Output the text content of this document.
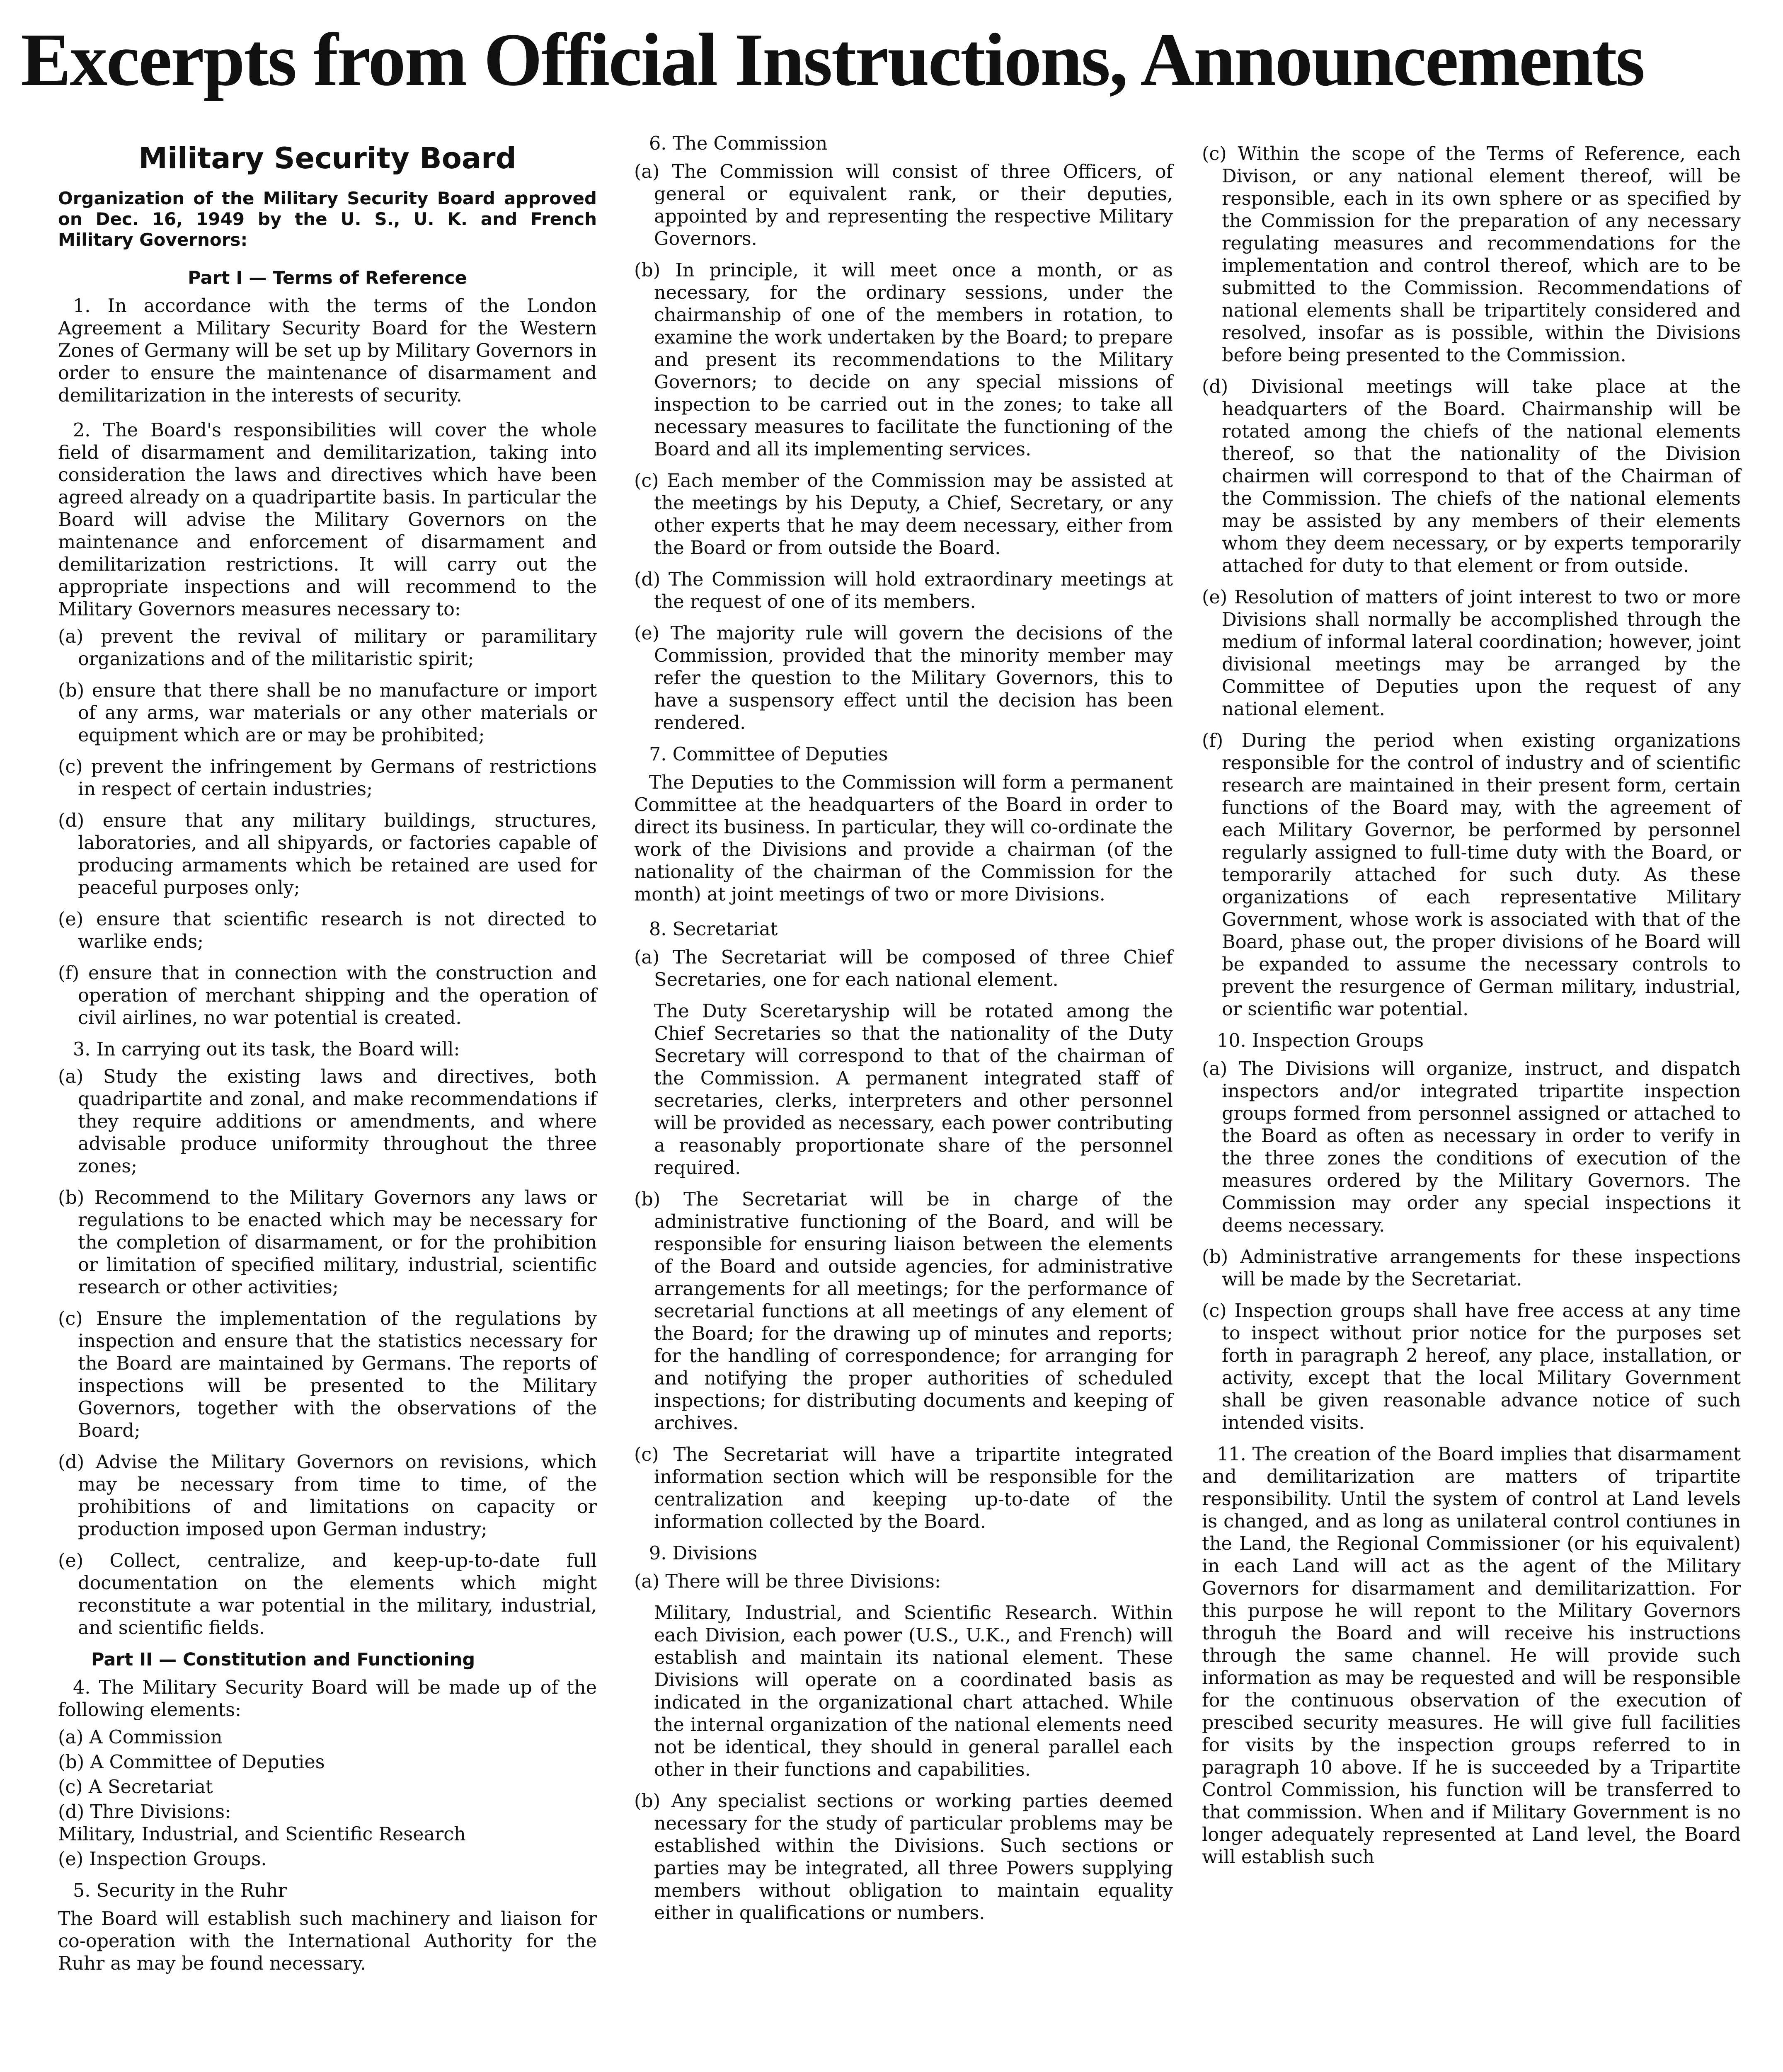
Excerpts from Official Instructions, Announcements
Military Security Board

Organization of the Military Security Board approved on Dec. 16, 1949 by the U. S., U. K. and French Military Governors:

Part I — Terms of Reference

1. In accordance with the terms of the London Agreement a Military Security Board for the Western Zones of Germany will be set up by Military Governors in order to ensure the maintenance of disarmament and demilitarization in the interests of security.

2. The Board's responsibilities will cover the whole field of disarmament and demilitarization, taking into consideration the laws and directives which have been agreed already on a quadripartite basis. In particular the Board will advise the Military Governors on the maintenance and enforcement of disarmament and demilitarization restrictions. It will carry out the appropriate inspections and will recommend to the Military Governors measures necessary to:

(a) prevent the revival of military or paramilitary organizations and of the militaristic spirit;

(b) ensure that there shall be no manufacture or import of any arms, war materials or any other materials or equipment which are or may be prohibited;

(c) prevent the infringement by Germans of restrictions in respect of certain industries;

(d) ensure that any military buildings, structures, laboratories, and all shipyards, or factories capable of producing armaments which be retained are used for peaceful purposes only;

(e) ensure that scientific research is not directed to warlike ends;

(f) ensure that in connection with the construction and operation of merchant shipping and the operation of civil airlines, no war potential is created.

3. In carrying out its task, the Board will:

(a) Study the existing laws and directives, both quadripartite and zonal, and make recommendations if they require additions or amendments, and where advisable produce uniformity throughout the three zones;

(b) Recommend to the Military Governors any laws or regulations to be enacted which may be necessary for the completion of disarmament, or for the prohibition or limitation of specified military, industrial, scientific research or other activities;

(c) Ensure the implementation of the regulations by inspection and ensure that the statistics necessary for the Board are maintained by Germans. The reports of inspections will be presented to the Military Governors, together with the observations of the Board;

(d) Advise the Military Governors on revisions, which may be necessary from time to time, of the prohibitions of and limitations on capacity or production imposed upon German industry;

(e) Collect, centralize, and keep-up-to-date full documentation on the elements which might reconstitute a war potential in the military, industrial, and scientific fields.

Part II — Constitution and Functioning

4. The Military Security Board will be made up of the following elements:

(a) A Commission

(b) A Committee of Deputies

(c) A Secretariat

(d) Thre Divisions:

Military, Industrial, and Scientific Research

(e) Inspection Groups.

5. Security in the Ruhr

The Board will establish such machinery and liaison for co-operation with the International Authority for the Ruhr as may be found necessary.

6. The Commission

(a) The Commission will consist of three Officers, of general or equivalent rank, or their deputies, appointed by and representing the respective Military Governors.

(b) In principle, it will meet once a month, or as necessary, for the ordinary sessions, under the chairmanship of one of the members in rotation, to examine the work undertaken by the Board; to prepare and present its recommendations to the Military Governors; to decide on any special missions of inspection to be carried out in the zones; to take all necessary measures to facilitate the functioning of the Board and all its implementing services.

(c) Each member of the Commission may be assisted at the meetings by his Deputy, a Chief, Secretary, or any other experts that he may deem necessary, either from the Board or from outside the Board.

(d) The Commission will hold extraordinary meetings at the request of one of its members.

(e) The majority rule will govern the decisions of the Commission, provided that the minority member may refer the question to the Military Governors, this to have a suspensory effect until the decision has been rendered.

7. Committee of Deputies

The Deputies to the Commission will form a permanent Committee at the headquarters of the Board in order to direct its business. In particular, they will co-ordinate the work of the Divisions and provide a chairman (of the nationality of the chairman of the Commission for the month) at joint meetings of two or more Divisions.

8. Secretariat

(a) The Secretariat will be composed of three Chief Secretaries, one for each national element.

The Duty Sceretaryship will be rotated among the Chief Secretaries so that the nationality of the Duty Secretary will correspond to that of the chairman of the Commission. A permanent integrated staff of secretaries, clerks, interpreters and other personnel will be provided as necessary, each power contributing a reasonably proportionate share of the personnel required.

(b) The Secretariat will be in charge of the administrative functioning of the Board, and will be responsible for ensuring liaison between the elements of the Board and outside agencies, for administrative arrangements for all meetings; for the performance of secretarial functions at all meetings of any element of the Board; for the drawing up of minutes and reports; for the handling of correspondence; for arranging for and notifying the proper authorities of scheduled inspections; for distributing documents and keeping of archives.

(c) The Secretariat will have a tripartite integrated information section which will be responsible for the centralization and keeping up-to-date of the information collected by the Board.

9. Divisions

(a) There will be three Divisions:

Military, Industrial, and Scientific Research. Within each Division, each power (U.S., U.K., and French) will establish and maintain its national element. These Divisions will operate on a coordinated basis as indicated in the organizational chart attached. While the internal organization of the national elements need not be identical, they should in general parallel each other in their functions and capabilities.

(b) Any specialist sections or working parties deemed necessary for the study of particular problems may be established within the Divisions. Such sections or parties may be integrated, all three Powers supplying members without obligation to maintain equality either in qualifications or numbers.

(c) Within the scope of the Terms of Reference, each Divison, or any national element thereof, will be responsible, each in its own sphere or as specified by the Commission for the preparation of any necessary regulating measures and recommendations for the implementation and control thereof, which are to be submitted to the Commission. Recommendations of national elements shall be tripartitely considered and resolved, insofar as is possible, within the Divisions before being presented to the Commission.

(d) Divisional meetings will take place at the headquarters of the Board. Chairmanship will be rotated among the chiefs of the national elements thereof, so that the nationality of the Division chairmen will correspond to that of the Chairman of the Commission. The chiefs of the national elements may be assisted by any members of their elements whom they deem necessary, or by experts temporarily attached for duty to that element or from outside.

(e) Resolution of matters of joint interest to two or more Divisions shall normally be accomplished through the medium of informal lateral coordination; however, joint divisional meetings may be arranged by the Committee of Deputies upon the request of any national element.

(f) During the period when existing organizations responsible for the control of industry and of scientific research are maintained in their present form, certain functions of the Board may, with the agreement of each Military Governor, be performed by personnel regularly assigned to full-time duty with the Board, or temporarily attached for such duty. As these organizations of each representative Military Government, whose work is associated with that of the Board, phase out, the proper divisions of he Board will be expanded to assume the necessary controls to prevent the resurgence of German military, industrial, or scientific war potential.

10. Inspection Groups

(a) The Divisions will organize, instruct, and dispatch inspectors and/or integrated tripartite inspection groups formed from personnel assigned or attached to the Board as often as necessary in order to verify in the three zones the conditions of execution of the measures ordered by the Military Governors. The Commission may order any special inspections it deems necessary.

(b) Administrative arrangements for these inspections will be made by the Secretariat.

(c) Inspection groups shall have free access at any time to inspect without prior notice for the purposes set forth in paragraph 2 hereof, any place, installation, or activity, except that the local Military Government shall be given reasonable advance notice of such intended visits.

11. The creation of the Board implies that disarmament and demilitarization are matters of tripartite responsibility. Until the system of control at Land levels is changed, and as long as unilateral control contiunes in the Land, the Regional Commissioner (or his equivalent) in each Land will act as the agent of the Military Governors for disarmament and demilitarizattion. For this purpose he will repont to the Military Governors throguh the Board and will receive his instructions through the same channel. He will provide such information as may be requested and will be responsible for the continuous observation of the execution of prescibed security measures. He will give full facilities for visits by the inspection groups referred to in paragraph 10 above. If he is succeeded by a Tripartite Control Commission, his function will be transferred to that commission. When and if Military Government is no longer adequately represented at Land level, the Board will establish such
